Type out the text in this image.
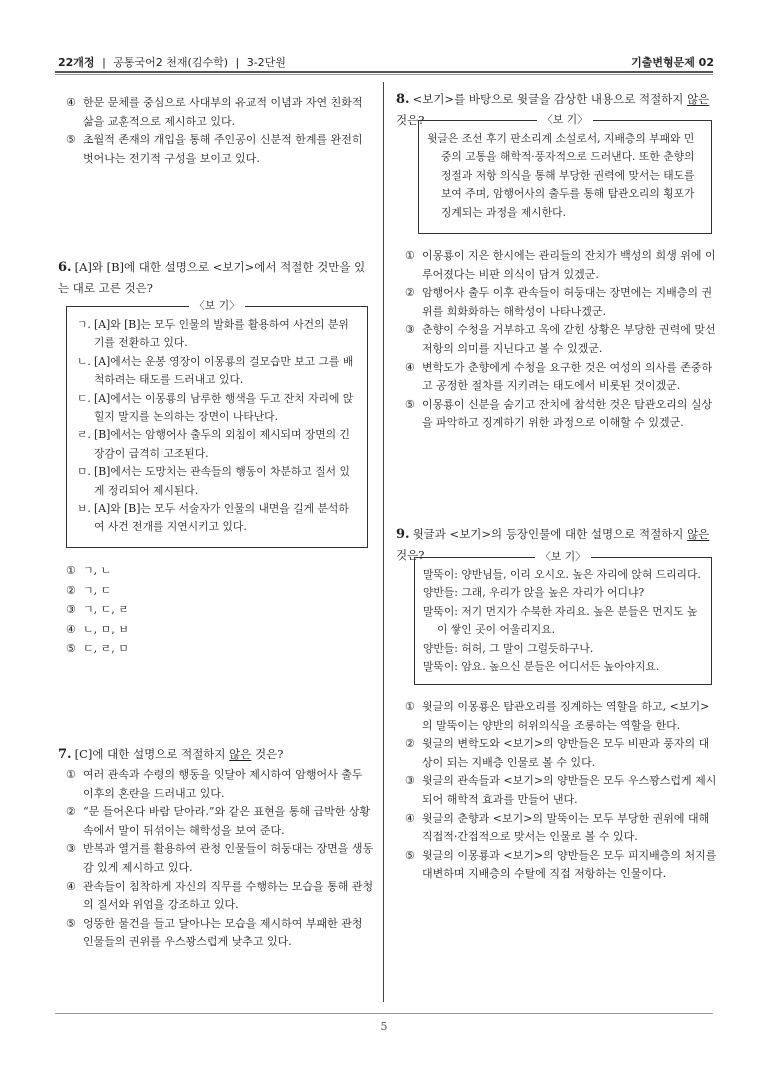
22개정 | 공통국어2 천재(김수학) | 3-2단원	기출변형문제 02
④ 한문 문체를 중심으로 사대부의 유교적 이념과 자연 친화적 삶을 교훈적으로 제시하고 있다.
⑤ 초월적 존재의 개입을 통해 주인공이 신분적 한계를 완전히 벗어나는 전기적 구성을 보이고 있다.
6. [A]와 [B]에 대한 설명으로 <보기>에서 적절한 것만을 있는 대로 고른 것은?
〈보 기〉
ㄱ. [A]와 [B]는 모두 인물의 발화를 활용하여 사건의 분위기를 전환하고 있다.
ㄴ. [A]에서는 운봉 영장이 이몽룡의 걸모습만 보고 그를 배척하려는 태도를 드러내고 있다.
ㄷ. [A]에서는 이몽룡의 남루한 행색을 두고 잔치 자리에 앉힐지 말지를 논의하는 장면이 나타난다.
ㄹ. [B]에서는 암행어사 출두의 외침이 제시되며 장면의 긴장감이 급격히 고조된다.
ㅁ. [B]에서는 도망치는 관속들의 행동이 차분하고 질서 있게 정리되어 제시된다.
ㅂ. [A]와 [B]는 모두 서술자가 인물의 내면을 길게 분석하여 사건 전개를 지연시키고 있다.
① ㄱ, ㄴ
② ㄱ, ㄷ
③ ㄱ, ㄷ, ㄹ
④ ㄴ, ㅁ, ㅂ
⑤ ㄷ, ㄹ, ㅁ
7. [C]에 대한 설명으로 적절하지 않은 것은?
① 여러 관속과 수령의 행동을 잇달아 제시하여 암행어사 출두 이후의 혼란을 드러내고 있다.
② “문 들어온다 바람 닫아라.”와 같은 표현을 통해 급박한 상황 속에서 말이 뒤섞이는 해학성을 보여 준다.
③ 반복과 열거를 활용하여 관청 인물들이 허둥대는 장면을 생동감 있게 제시하고 있다.
④ 관속들이 침착하게 자신의 직무를 수행하는 모습을 통해 관청의 질서와 위엄을 강조하고 있다.
⑤ 엉뚱한 물건을 들고 달아나는 모습을 제시하여 부패한 관청 인물들의 권위를 우스꽝스럽게 낮추고 있다.
8. <보기>를 바탕으로 윗글을 감상한 내용으로 적절하지 않은 것은?	〈보 기〉
윗글은 조선 후기 판소리계 소설로서, 지배층의 부패와 민중의 고통을 해학적·풍자적으로 드러낸다. 또한 춘향의 정절과 저항 의식을 통해 부당한 권력에 맞서는 태도를 보여 주며, 암행어사의 출두를 통해 탐관오리의 횡포가 징계되는 과정을 제시한다.
① 이몽룡이 지은 한시에는 관리들의 잔치가 백성의 희생 위에 이루어졌다는 비판 의식이 담겨 있겠군.
② 암행어사 출두 이후 관속들이 허둥대는 장면에는 지배층의 권위를 희화화하는 해학성이 나타나겠군.
③ 춘향이 수청을 거부하고 옥에 갇힌 상황은 부당한 권력에 맞선 저항의 의미를 지닌다고 볼 수 있겠군.
④ 변학도가 춘향에게 수청을 요구한 것은 여성의 의사를 존중하고 공정한 절차를 지키려는 태도에서 비롯된 것이겠군.
⑤ 이몽룡이 신분을 숨기고 잔치에 참석한 것은 탐관오리의 실상을 파악하고 징계하기 위한 과정으로 이해할 수 있겠군.
9. 윗글과 <보기>의 등장인물에 대한 설명으로 적절하지 않은 것은?	〈보 기〉
말뚝이: 양반님들, 이리 오시오. 높은 자리에 앉혀 드리리다.
양반들: 그래, 우리가 앉을 높은 자리가 어디냐?
말뚝이: 저기 먼지가 수북한 자리요. 높은 분들은 먼지도 높이 쌓인 곳이 어울리지요.
양반들: 허허, 그 말이 그럴듯하구나.
말뚝이: 암요. 높으신 분들은 어디서든 높아야지요.
① 윗글의 이몽룡은 탐관오리를 징계하는 역할을 하고, <보기>의 말뚝이는 양반의 허위의식을 조롱하는 역할을 한다.
② 윗글의 변학도와 <보기>의 양반들은 모두 비판과 풍자의 대상이 되는 지배층 인물로 볼 수 있다.
③ 윗글의 관속들과 <보기>의 양반들은 모두 우스꽝스럽게 제시되어 해학적 효과를 만들어 낸다.
④ 윗글의 춘향과 <보기>의 말뚝이는 모두 부당한 권위에 대해 직접적·간접적으로 맞서는 인물로 볼 수 있다.
⑤ 윗글의 이몽룡과 <보기>의 양반들은 모두 피지배층의 처지를 대변하며 지배층의 수탈에 직접 저항하는 인물이다.
5
